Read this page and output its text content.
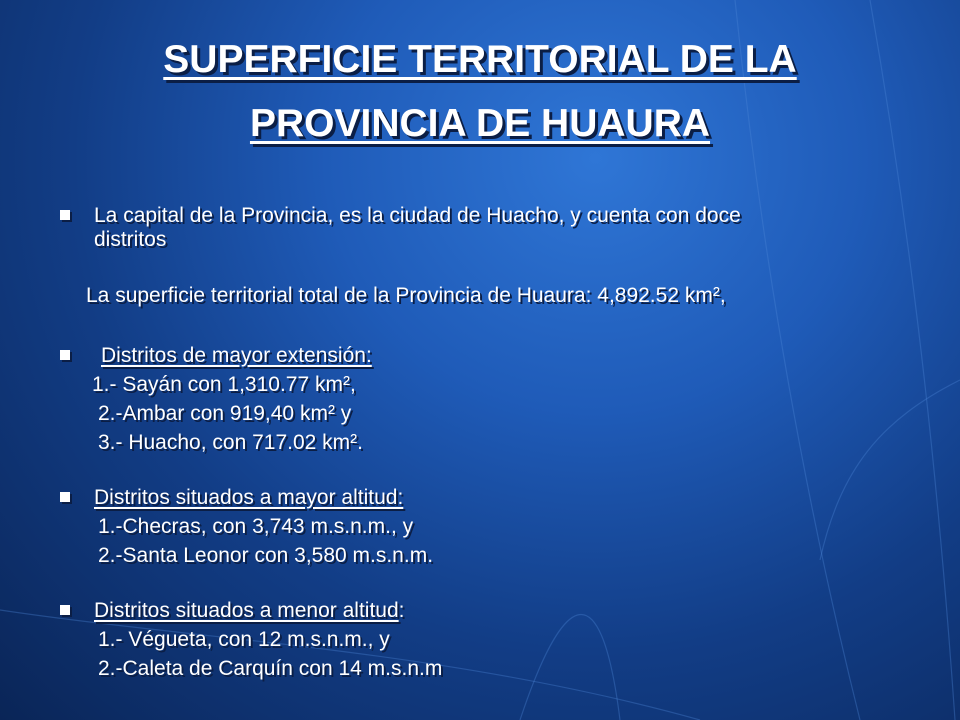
SUPERFICIE TERRITORIAL DE LA
PROVINCIA DE HUAURA
La capital de la Provincia, es la ciudad de Huacho, y cuenta con doce
distritos
La superficie territorial total de la Provincia de Huaura: 4,892.52 km²,
Distritos de mayor extensión:
1.- Sayán con 1,310.77 km²,
2.-Ambar con 919,40 km² y
3.- Huacho, con 717.02 km².
Distritos situados a mayor altitud:
1.-Checras, con 3,743 m.s.n.m., y
2.-Santa Leonor con 3,580 m.s.n.m.
Distritos situados a menor altitud:
1.- Végueta, con 12 m.s.n.m., y
2.-Caleta de Carquín con 14 m.s.n.m
